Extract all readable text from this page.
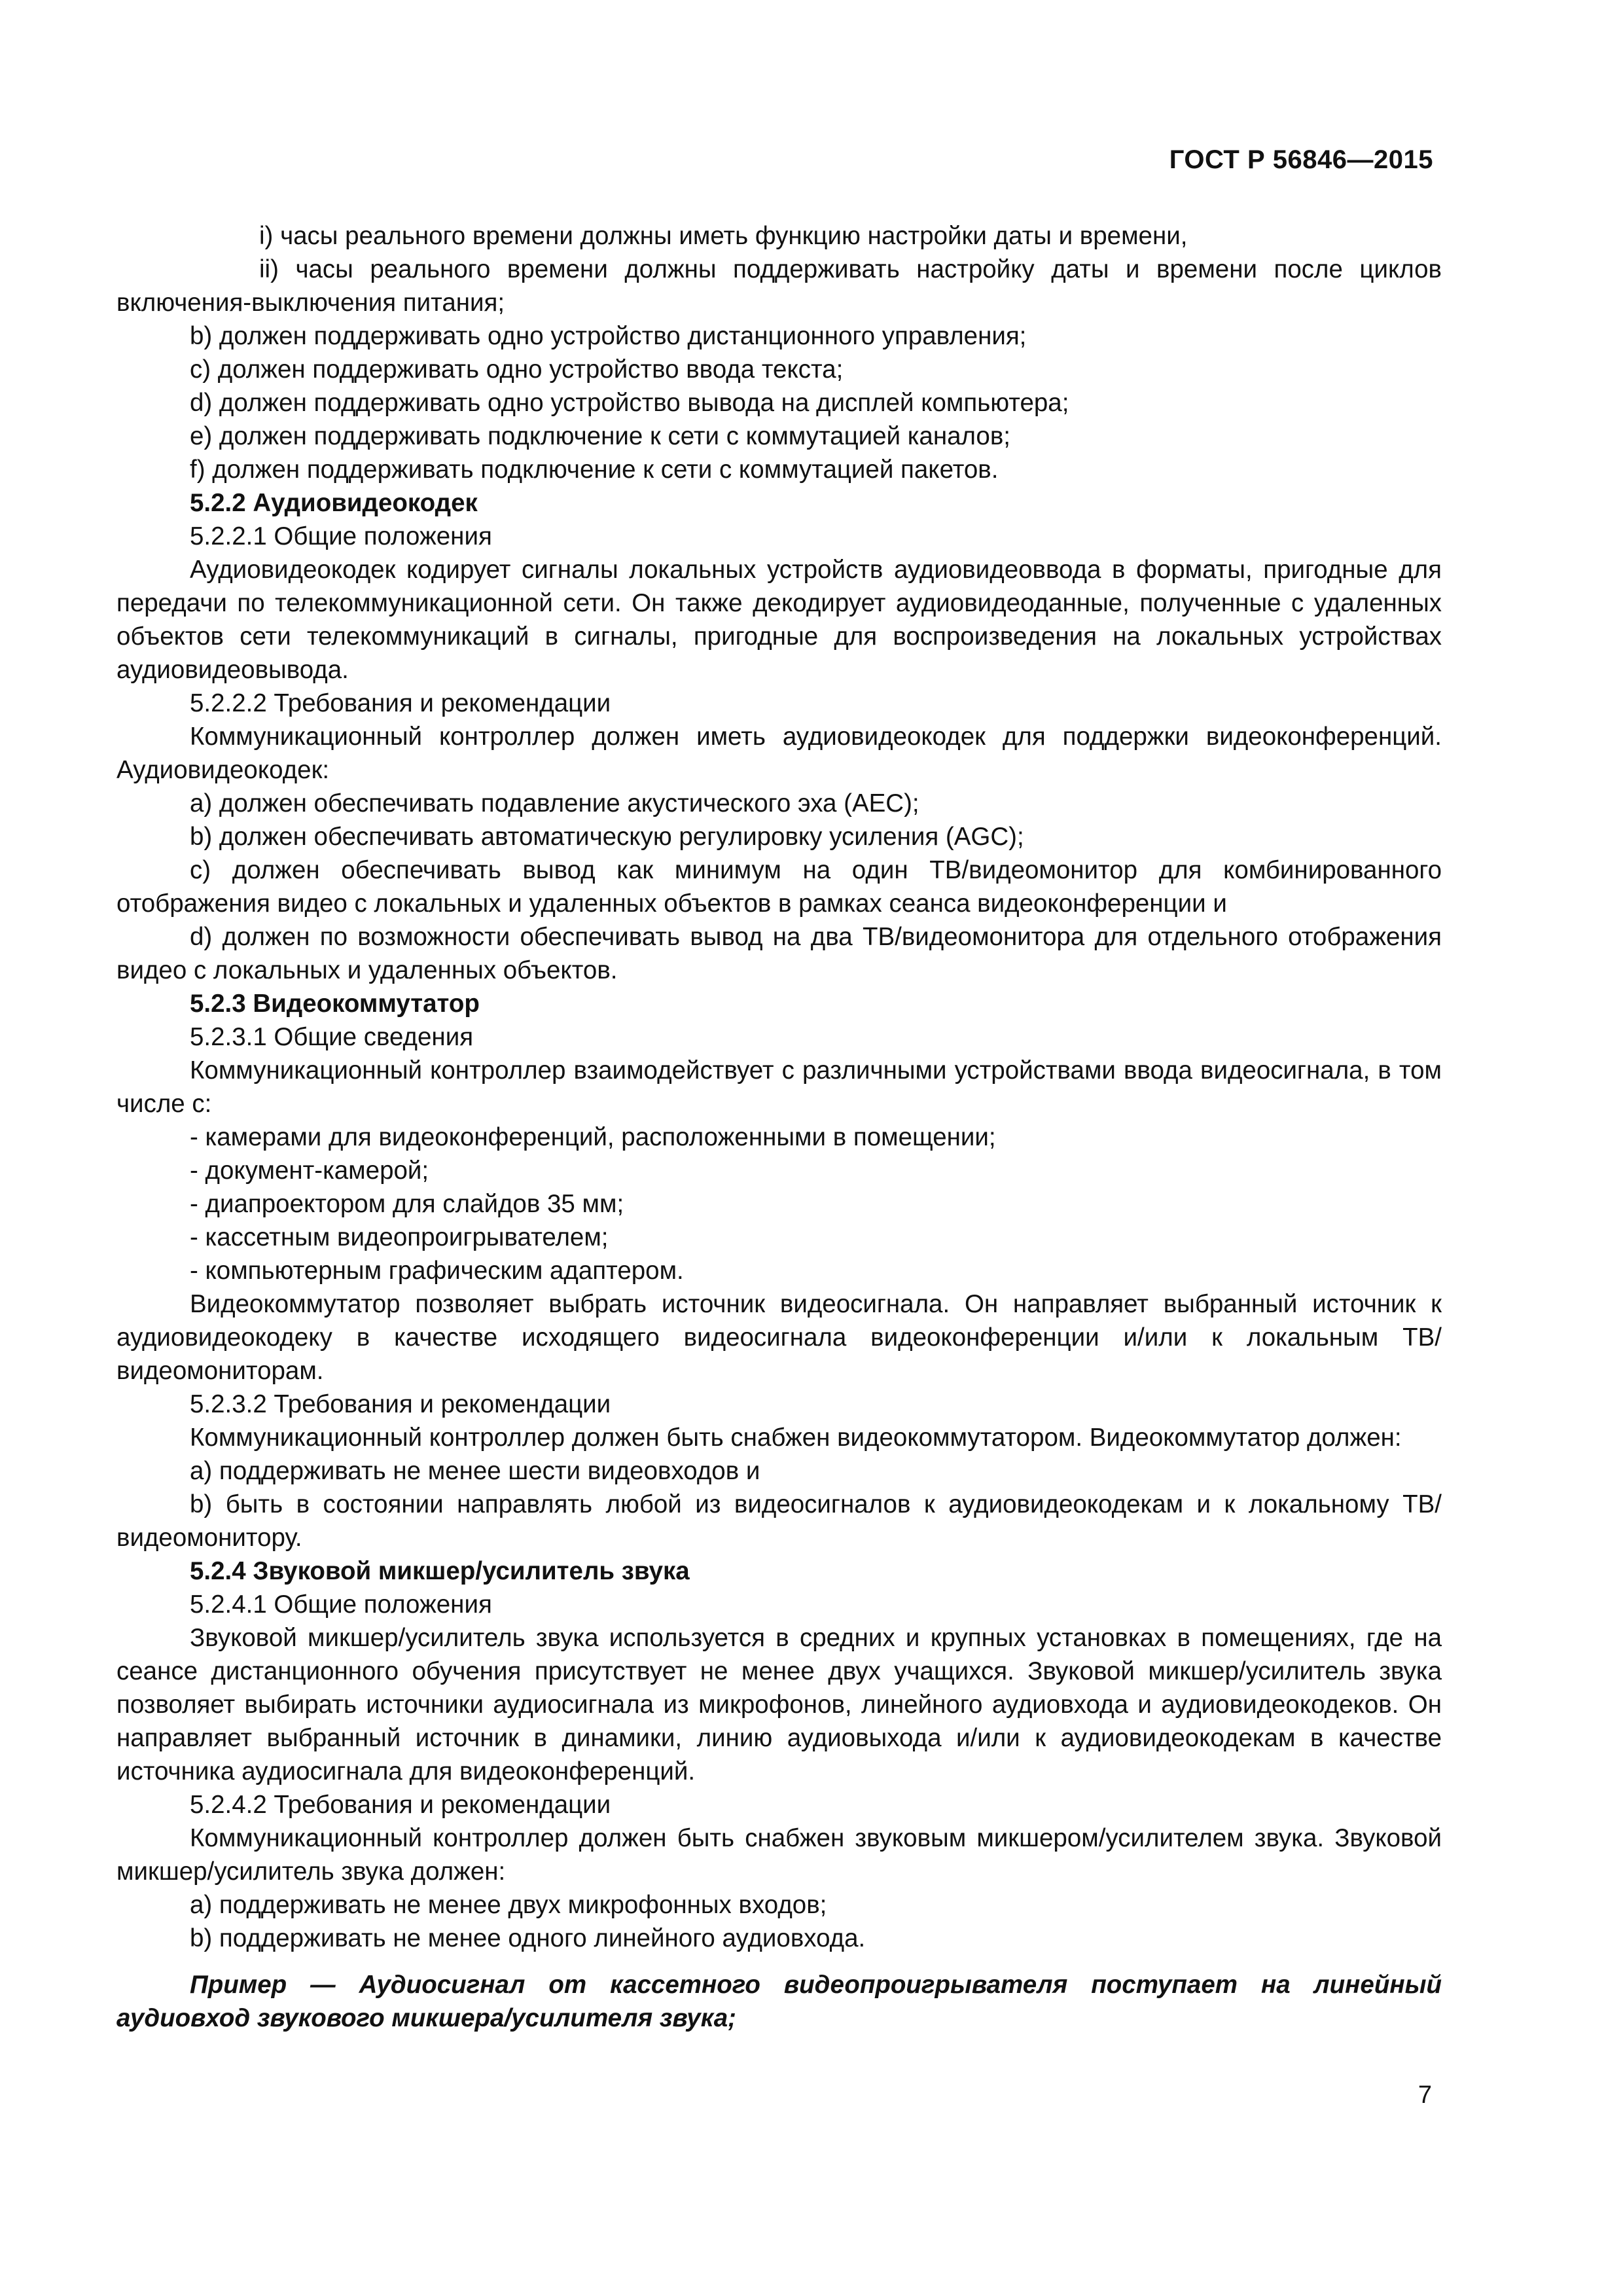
ГОСТ Р 56846—2015

i) часы реального времени должны иметь функцию настройки даты и времени,

ii) часы реального времени должны поддерживать настройку даты и времени после циклов включения-выключения питания;

b) должен поддерживать одно устройство дистанционного управления;

c) должен поддерживать одно устройство ввода текста;

d) должен поддерживать одно устройство вывода на дисплей компьютера;

e) должен поддерживать подключение к сети с коммутацией каналов;

f) должен поддерживать подключение к сети с коммутацией пакетов.

5.2.2 Аудиовидеокодек

5.2.2.1 Общие положения

Аудиовидеокодек кодирует сигналы локальных устройств аудиовидеоввода в форматы, пригодные для передачи по телекоммуникационной сети. Он также декодирует аудиовидеоданные, полученные с удаленных объектов сети телекоммуникаций в сигналы, пригодные для воспроизведения на локальных устройствах аудиовидеовывода.

5.2.2.2 Требования и рекомендации

Коммуникационный контроллер должен иметь аудиовидеокодек для поддержки видеоконференций. Аудиовидеокодек:

a) должен обеспечивать подавление акустического эха (AEC);

b) должен обеспечивать автоматическую регулировку усиления (AGC);

c) должен обеспечивать вывод как минимум на один ТВ/видеомонитор для комбинированного отображения видео с локальных и удаленных объектов в рамках сеанса видеоконференции и

d) должен по возможности обеспечивать вывод на два ТВ/видеомонитора для отдельного отображения видео с локальных и удаленных объектов.

5.2.3 Видеокоммутатор

5.2.3.1 Общие сведения

Коммуникационный контроллер взаимодействует с различными устройствами ввода видеосигнала, в том числе с:

- камерами для видеоконференций, расположенными в помещении;

- документ-камерой;

- диапроектором для слайдов 35 мм;

- кассетным видеопроигрывателем;

- компьютерным графическим адаптером.

Видеокоммутатор позволяет выбрать источник видеосигнала. Он направляет выбранный источник к аудиовидеокодеку в качестве исходящего видеосигнала видеоконференции и/или к локальным ТВ/видеомониторам.

5.2.3.2 Требования и рекомендации

Коммуникационный контроллер должен быть снабжен видеокоммутатором. Видеокоммутатор должен:

a) поддерживать не менее шести видеовходов и

b) быть в состоянии направлять любой из видеосигналов к аудиовидеокодекам и к локальному ТВ/видеомонитору.

5.2.4 Звуковой микшер/усилитель звука

5.2.4.1 Общие положения

Звуковой микшер/усилитель звука используется в средних и крупных установках в помещениях, где на сеансе дистанционного обучения присутствует не менее двух учащихся. Звуковой микшер/усилитель звука позволяет выбирать источники аудиосигнала из микрофонов, линейного аудиовхода и аудиовидеокодеков. Он направляет выбранный источник в динамики, линию аудиовыхода и/или к аудиовидеокодекам в качестве источника аудиосигнала для видеоконференций.

5.2.4.2 Требования и рекомендации

Коммуникационный контроллер должен быть снабжен звуковым микшером/усилителем звука. Звуковой микшер/усилитель звука должен:

a) поддерживать не менее двух микрофонных входов;

b) поддерживать не менее одного линейного аудиовхода.

Пример — Аудиосигнал от кассетного видеопроигрывателя поступает на линейный аудиовход звукового микшера/усилителя звука;

7
